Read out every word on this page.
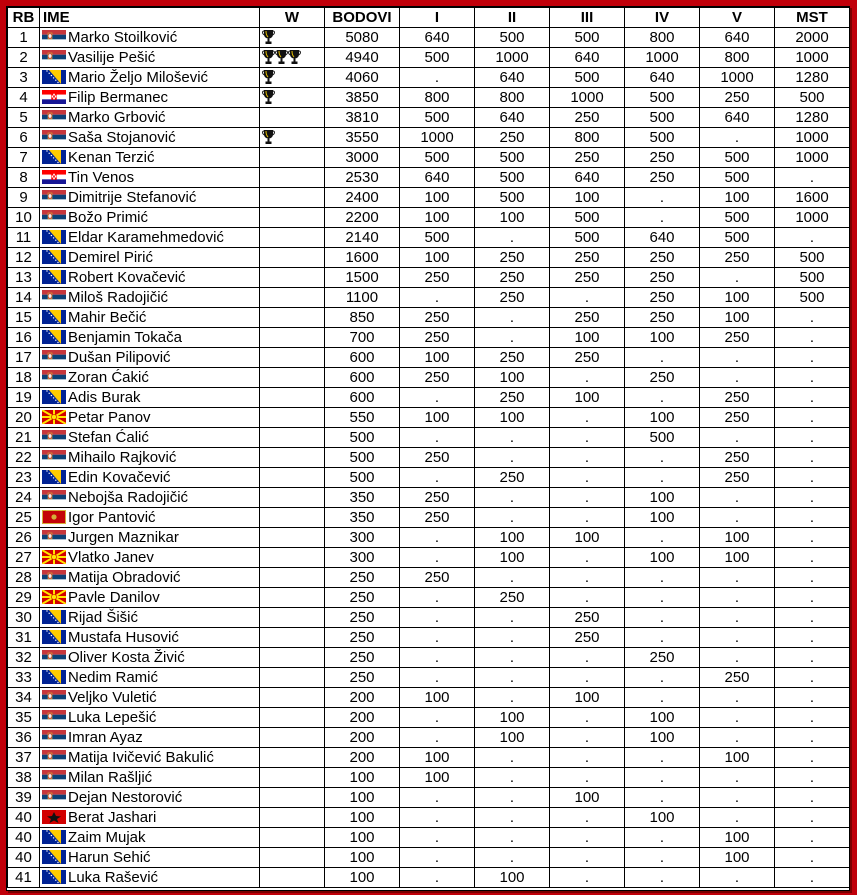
RB	IME	W	BODOVI	I	II	III	IV	V	MST
1	Marko Stoilković		5080	640	500	500	800	640	2000
2	Vasilije Pešić		4940	500	1000	640	1000	800	1000
3	Mario Željo Milošević		4060	.	640	500	640	1000	1280
4	Filip Bermanec		3850	800	800	1000	500	250	500
5	Marko Grbović		3810	500	640	250	500	640	1280
6	Saša Stojanović		3550	1000	250	800	500	.	1000
7	Kenan Terzić		3000	500	500	250	250	500	1000
8	Tin Venos		2530	640	500	640	250	500	.
9	Dimitrije Stefanović		2400	100	500	100	.	100	1600
10	Božo Primić		2200	100	100	500	.	500	1000
11	Eldar Karamehmedović		2140	500	.	500	640	500	.
12	Demirel Pirić		1600	100	250	250	250	250	500
13	Robert Kovačević		1500	250	250	250	250	.	500
14	Miloš Radojičić		1100	.	250	.	250	100	500
15	Mahir Bečić		850	250	.	250	250	100	.
16	Benjamin Tokača		700	250	.	100	100	250	.
17	Dušan Pilipović		600	100	250	250	.	.	.
18	Zoran Ćakić		600	250	100	.	250	.	.
19	Adis Burak		600	.	250	100	.	250	.
20	Petar Panov		550	100	100	.	100	250	.
21	Stefan Ćalić		500	.	.	.	500	.	.
22	Mihailo Rajković		500	250	.	.	.	250	.
23	Edin Kovačević		500	.	250	.	.	250	.
24	Nebojša Radojičić		350	250	.	.	100	.	.
25	Igor Pantović		350	250	.	.	100	.	.
26	Jurgen Maznikar		300	.	100	100	.	100	.
27	Vlatko Janev		300	.	100	.	100	100	.
28	Matija Obradović		250	250	.	.	.	.	.
29	Pavle Danilov		250	.	250	.	.	.	.
30	Rijad Šišić		250	.	.	250	.	.	.
31	Mustafa Husović		250	.	.	250	.	.	.
32	Oliver Kosta Živić		250	.	.	.	250	.	.
33	Nedim Ramić		250	.	.	.	.	250	.
34	Veljko Vuletić		200	100	.	100	.	.	.
35	Luka Lepešić		200	.	100	.	100	.	.
36	Imran Ayaz		200	.	100	.	100	.	.
37	Matija Ivičević Bakulić		200	100	.	.	.	100	.
38	Milan Rašljić		100	100	.	.	.	.	.
39	Dejan Nestorović		100	.	.	100	.	.	.
40	Berat Jashari		100	.	.	.	100	.	.
40	Zaim Mujak		100	.	.	.	.	100	.
40	Harun Sehić		100	.	.	.	.	100	.
41	Luka Rašević		100	.	100	.	.	.	.
